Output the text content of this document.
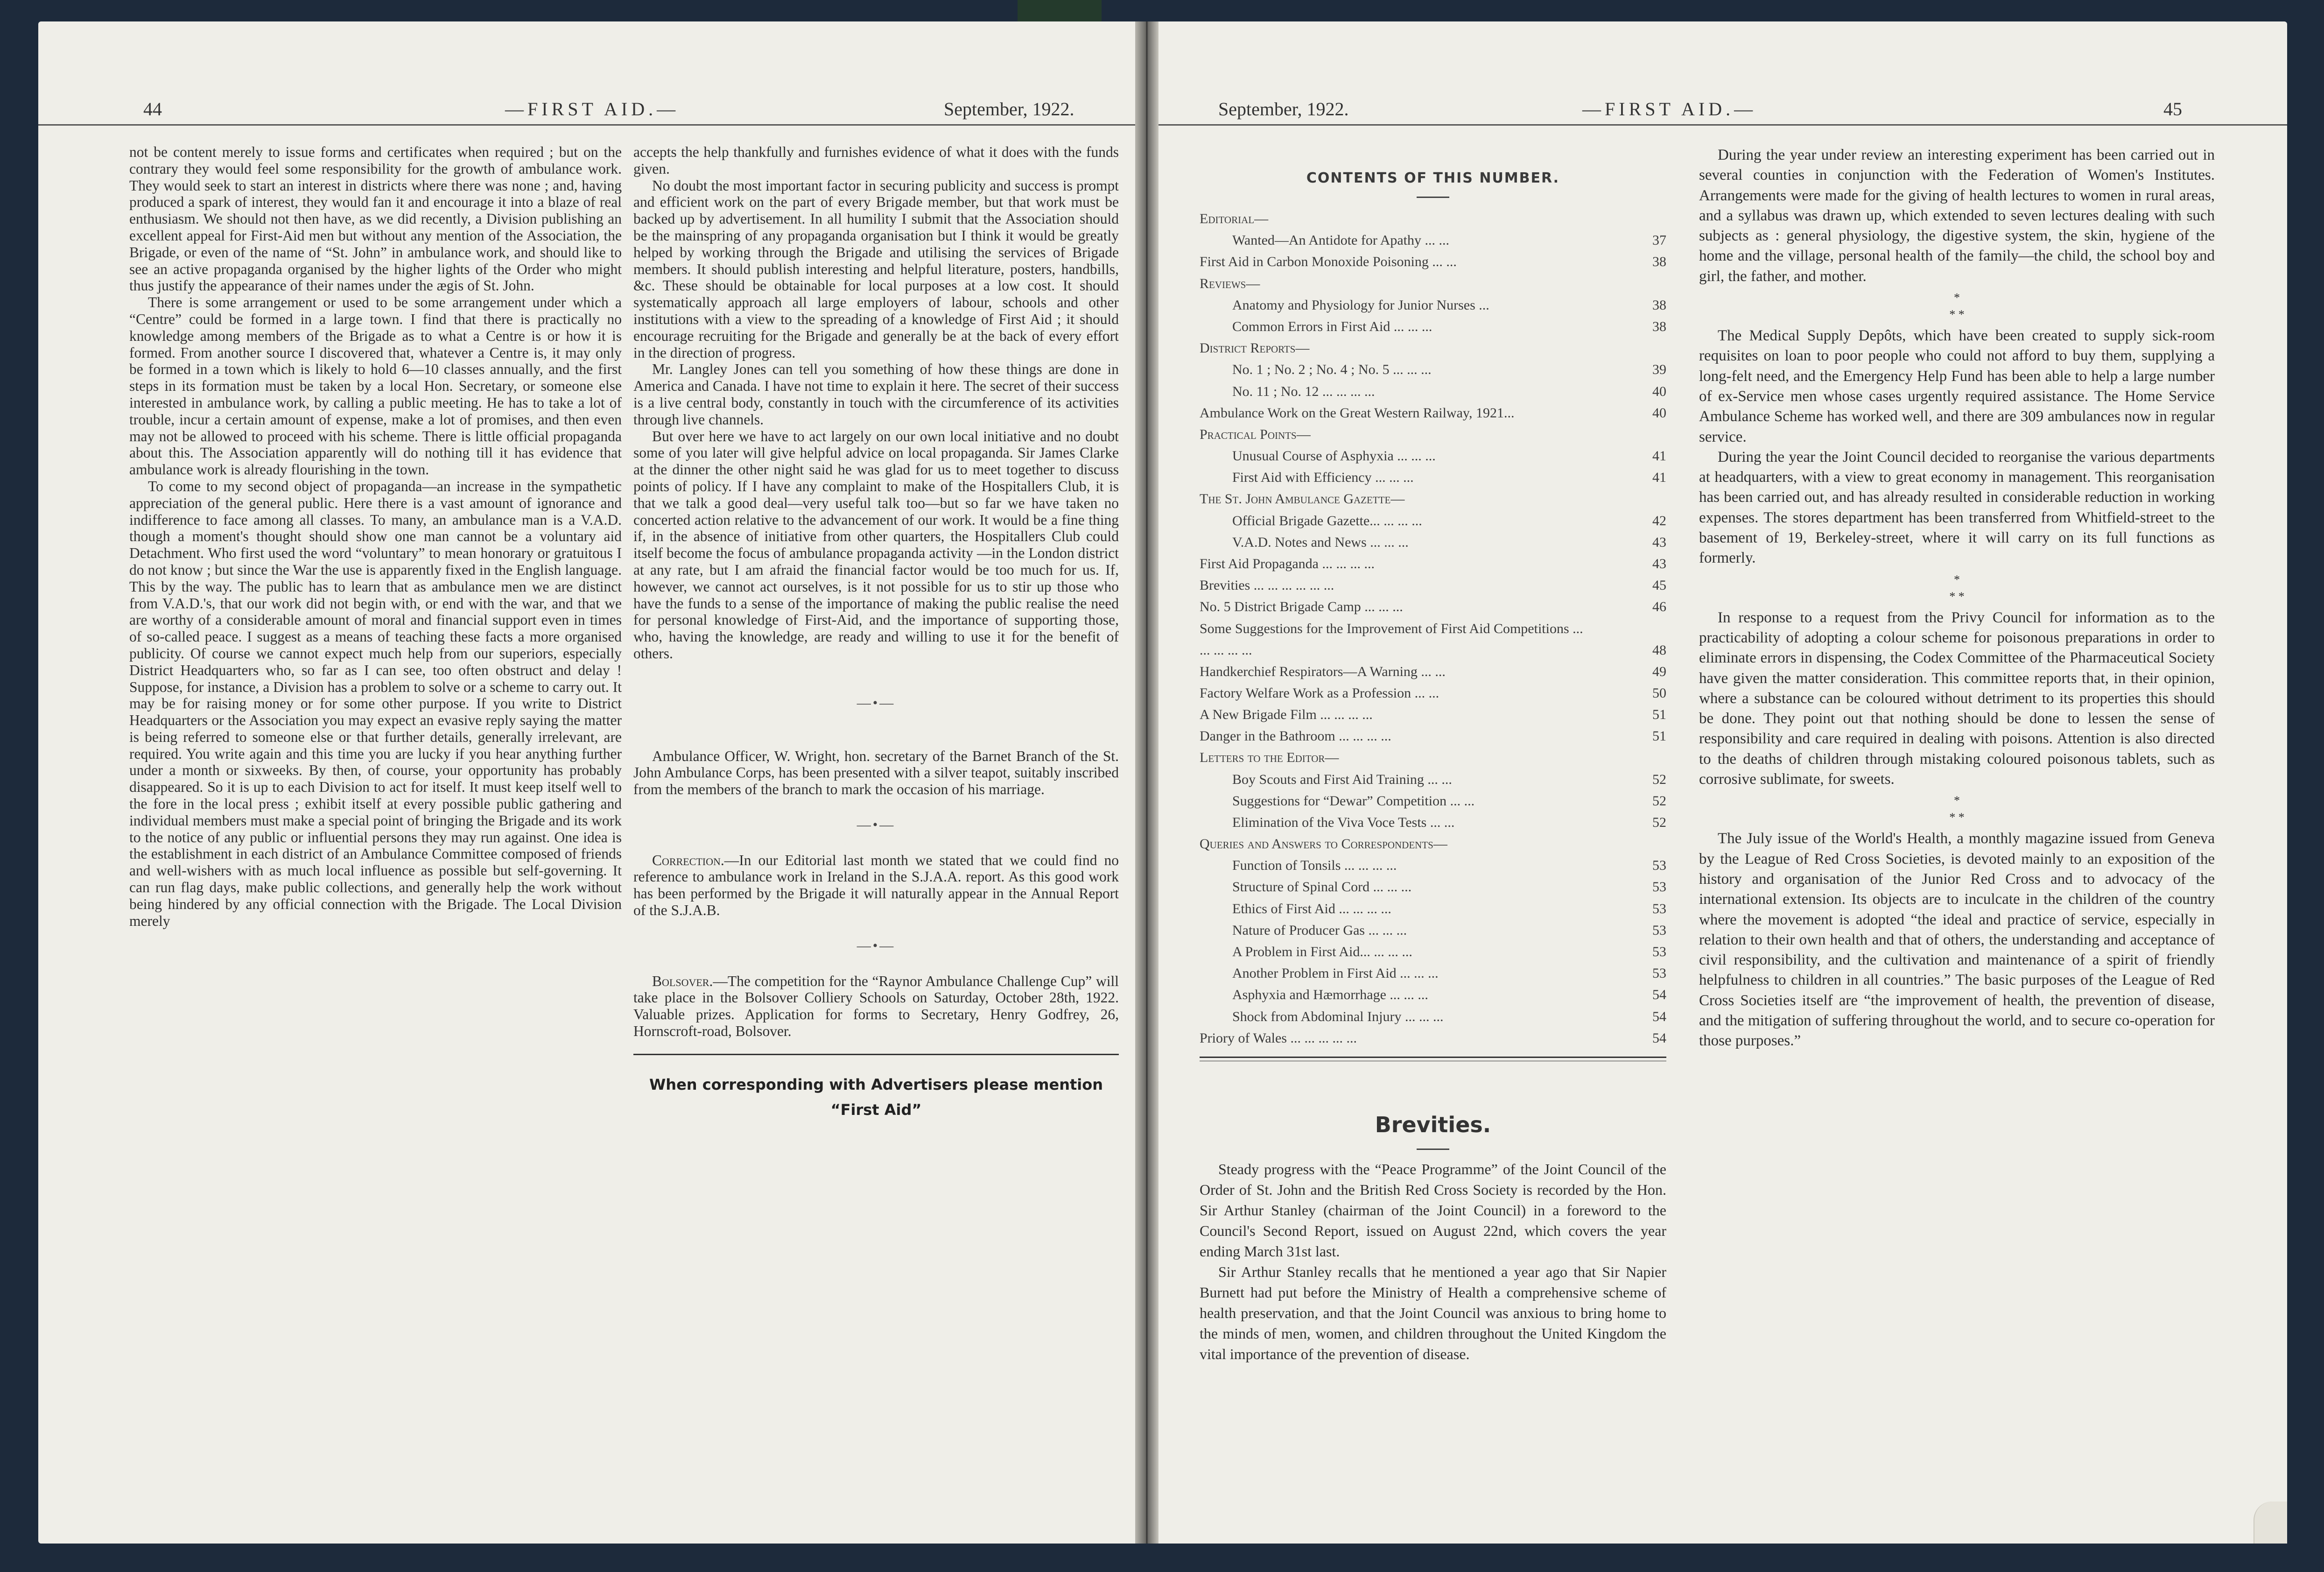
44	—FIRST AID.—	September, 1922.

not be content merely to issue forms and certificates when required ; but on the contrary they would feel some responsibility for the growth of ambulance work. They would seek to start an interest in districts where there was none ; and, having produced a spark of interest, they would fan it and encourage it into a blaze of real enthusiasm. We should not then have, as we did recently, a Division publishing an excellent appeal for First-Aid men but without any mention of the Association, the Brigade, or even of the name of “St. John” in ambulance work, and should like to see an active propaganda organised by the higher lights of the Order who might thus justify the appearance of their names under the ægis of St. John.

There is some arrangement or used to be some arrangement under which a “Centre” could be formed in a large town. I find that there is practically no knowledge among members of the Brigade as to what a Centre is or how it is formed. From another source I discovered that, whatever a Centre is, it may only be formed in a town which is likely to hold 6—10 classes annually, and the first steps in its formation must be taken by a local Hon. Secretary, or someone else interested in ambulance work, by calling a public meeting. He has to take a lot of trouble, incur a certain amount of expense, make a lot of promises, and then even may not be allowed to proceed with his scheme. There is little official propaganda about this. The Association apparently will do nothing till it has evidence that ambulance work is already flourishing in the town.

To come to my second object of propaganda—an increase in the sympathetic appreciation of the general public. Here there is a vast amount of ignorance and indifference to face among all classes. To many, an ambulance man is a V.A.D. though a moment's thought should show one man cannot be a voluntary aid Detachment. Who first used the word “voluntary” to mean honorary or gratuitous I do not know ; but since the War the use is apparently fixed in the English language. This by the way. The public has to learn that as ambulance men we are distinct from V.A.D.'s, that our work did not begin with, or end with the war, and that we are worthy of a considerable amount of moral and financial support even in times of so-called peace. I suggest as a means of teaching these facts a more organised publicity. Of course we cannot expect much help from our superiors, especially District Headquarters who, so far as I can see, too often obstruct and delay ! Suppose, for instance, a Division has a problem to solve or a scheme to carry out. It may be for raising money or for some other purpose. If you write to District Headquarters or the Association you may expect an evasive reply saying the matter is being referred to someone else or that further details, generally irrelevant, are required. You write again and this time you are lucky if you hear anything further under a month or sixweeks. By then, of course, your opportunity has probably disappeared. So it is up to each Division to act for itself. It must keep itself well to the fore in the local press ; exhibit itself at every possible public gathering and individual members must make a special point of bringing the Brigade and its work to the notice of any public or influential persons they may run against. One idea is the establishment in each district of an Ambulance Committee composed of friends and well-wishers with as much local influence as possible but self-governing. It can run flag days, make public collections, and generally help the work without being hindered by any official connection with the Brigade. The Local Division merely

accepts the help thankfully and furnishes evidence of what it does with the funds given.

No doubt the most important factor in securing publicity and success is prompt and efficient work on the part of every Brigade member, but that work must be backed up by advertisement. In all humility I submit that the Association should be the mainspring of any propaganda organisation but I think it would be greatly helped by working through the Brigade and utilising the services of Brigade members. It should publish interesting and helpful literature, posters, handbills, &c. These should be obtainable for local purposes at a low cost. It should systematically approach all large employers of labour, schools and other institutions with a view to the spreading of a knowledge of First Aid ; it should encourage recruiting for the Brigade and generally be at the back of every effort in the direction of progress.

Mr. Langley Jones can tell you something of how these things are done in America and Canada. I have not time to explain it here. The secret of their success is a live central body, constantly in touch with the circumference of its activities through live channels.

But over here we have to act largely on our own local initiative and no doubt some of you later will give helpful advice on local propaganda. Sir James Clarke at the dinner the other night said he was glad for us to meet together to discuss points of policy. If I have any complaint to make of the Hospitallers Club, it is that we talk a good deal—very useful talk too—but so far we have taken no concerted action relative to the advancement of our work. It would be a fine thing if, in the absence of initiative from other quarters, the Hospitallers Club could itself become the focus of ambulance propaganda activity —in the London district at any rate, but I am afraid the financial factor would be too much for us. If, however, we cannot act ourselves, is it not possible for us to stir up those who have the funds to a sense of the importance of making the public realise the need for personal knowledge of First-Aid, and the importance of supporting those, who, having the knowledge, are ready and willing to use it for the benefit of others.

—•—

Ambulance Officer, W. Wright, hon. secretary of the Barnet Branch of the St. John Ambulance Corps, has been presented with a silver teapot, suitably inscribed from the members of the branch to mark the occasion of his marriage.

—•—

Correction.—In our Editorial last month we stated that we could find no reference to ambulance work in Ireland in the S.J.A.A. report. As this good work has been performed by the Brigade it will naturally appear in the Annual Report of the S.J.A.B.

—•—

Bolsover.—The competition for the “Raynor Ambulance Challenge Cup” will take place in the Bolsover Colliery Schools on Saturday, October 28th, 1922. Valuable prizes. Application for forms to Secretary, Henry Godfrey, 26, Hornscroft-road, Bolsover.

When corresponding with Advertisers please mention “First Aid”
September, 1922.	—FIRST AID.—	45
CONTENTS OF THIS NUMBER.
Editorial—
Wanted—An Antidote for Apathy ... ...	37
First Aid in Carbon Monoxide Poisoning ... ...	38
Reviews—
Anatomy and Physiology for Junior Nurses ...	38
Common Errors in First Aid ... ... ...	38
District Reports—
No. 1 ; No. 2 ; No. 4 ; No. 5 ... ... ...	39
No. 11 ; No. 12 ... ... ... ...	40
Ambulance Work on the Great Western Railway, 1921...	40
Practical Points—
Unusual Course of Asphyxia ... ... ...	41
First Aid with Efficiency ... ... ...	41
The St. John Ambulance Gazette—
Official Brigade Gazette... ... ... ...	42
V.A.D. Notes and News ... ... ...	43
First Aid Propaganda ... ... ... ...	43
Brevities ... ... ... ... ... ...	45
No. 5 District Brigade Camp ... ... ...	46
Some Suggestions for the Improvement of First Aid Competitions ... ... ... ... ...	48
Handkerchief Respirators—A Warning ... ...	49
Factory Welfare Work as a Profession ... ...	50
A New Brigade Film ... ... ... ...	51
Danger in the Bathroom ... ... ... ...	51
Letters to the Editor—
Boy Scouts and First Aid Training ... ...	52
Suggestions for “Dewar” Competition ... ...	52
Elimination of the Viva Voce Tests ... ...	52
Queries and Answers to Correspondents—
Function of Tonsils ... ... ... ...	53
Structure of Spinal Cord ... ... ...	53
Ethics of First Aid ... ... ... ...	53
Nature of Producer Gas ... ... ...	53
A Problem in First Aid... ... ... ...	53
Another Problem in First Aid ... ... ...	53
Asphyxia and Hæmorrhage ... ... ...	54
Shock from Abdominal Injury ... ... ...	54
Priory of Wales ... ... ... ... ...	54
Brevities.

Steady progress with the “Peace Programme” of the Joint Council of the Order of St. John and the British Red Cross Society is recorded by the Hon. Sir Arthur Stanley (chairman of the Joint Council) in a foreword to the Council's Second Report, issued on August 22nd, which covers the year ending March 31st last.

Sir Arthur Stanley recalls that he mentioned a year ago that Sir Napier Burnett had put before the Ministry of Health a comprehensive scheme of health preservation, and that the Joint Council was anxious to bring home to the minds of men, women, and children throughout the United Kingdom the vital importance of the prevention of disease.

During the year under review an interesting experiment has been carried out in several counties in conjunction with the Federation of Women's Institutes. Arrangements were made for the giving of health lectures to women in rural areas, and a syllabus was drawn up, which extended to seven lectures dealing with such subjects as : general physiology, the digestive system, the skin, hygiene of the home and the village, personal health of the family—the child, the school boy and girl, the father, and mother.

*
* *

The Medical Supply Depôts, which have been created to supply sick-room requisites on loan to poor people who could not afford to buy them, supplying a long-felt need, and the Emergency Help Fund has been able to help a large number of ex-Service men whose cases urgently required assistance. The Home Service Ambulance Scheme has worked well, and there are 309 ambulances now in regular service.

During the year the Joint Council decided to reorganise the various departments at headquarters, with a view to great economy in management. This reorganisation has been carried out, and has already resulted in considerable reduction in working expenses. The stores department has been transferred from Whitfield-street to the basement of 19, Berkeley-street, where it will carry on its full functions as formerly.

*
* *

In response to a request from the Privy Council for information as to the practicability of adopting a colour scheme for poisonous preparations in order to eliminate errors in dispensing, the Codex Committee of the Pharmaceutical Society have given the matter consideration. This committee reports that, in their opinion, where a substance can be coloured without detriment to its properties this should be done. They point out that nothing should be done to lessen the sense of responsibility and care required in dealing with poisons. Attention is also directed to the deaths of children through mistaking coloured poisonous tablets, such as corrosive sublimate, for sweets.

*
* *

The July issue of the World's Health, a monthly magazine issued from Geneva by the League of Red Cross Societies, is devoted mainly to an exposition of the history and organisation of the Junior Red Cross and to advocacy of the international extension. Its objects are to inculcate in the children of the country where the movement is adopted “the ideal and practice of service, especially in relation to their own health and that of others, the understanding and acceptance of civil responsibility, and the cultivation and maintenance of a spirit of friendly helpfulness to children in all countries.” The basic purposes of the League of Red Cross Societies itself are “the improvement of health, the prevention of disease, and the mitigation of suffering throughout the world, and to secure co-operation for those purposes.”
